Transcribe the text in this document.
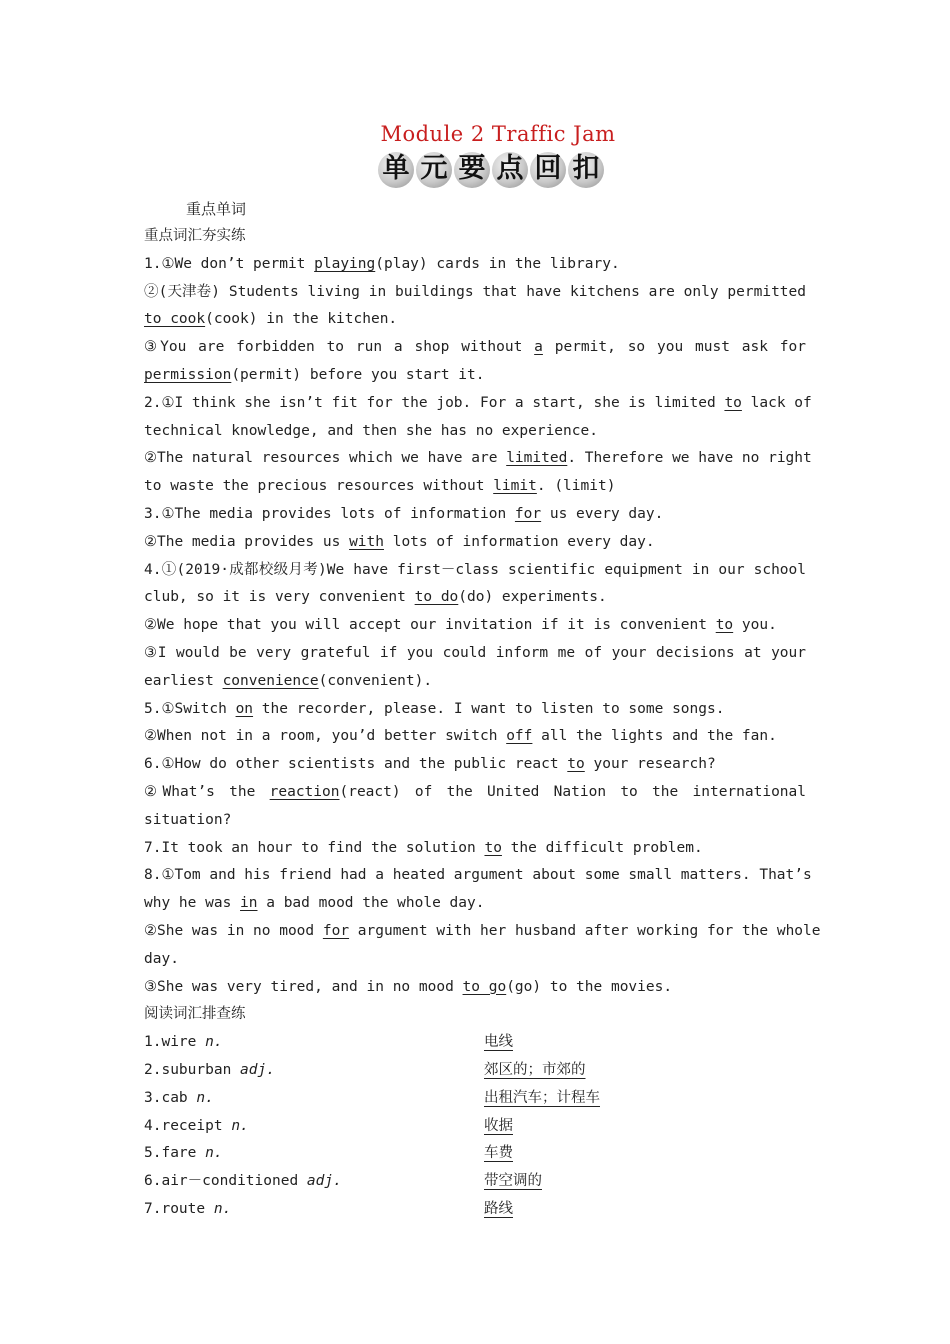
Module 2 Traffic Jam
单 元 要 点 回 扣
重点单词
重点词汇夯实练
1.①We don’t permit playing(play) cards in the library.
②(天津卷) Students living in buildings that have kitchens are only permitted
to cook(cook) in the kitchen.
③You are forbidden to run a shop without a permit, so you must ask for
permission(permit) before you start it.
2.①I think she isn’t fit for the job. For a start, she is limited to lack of
technical knowledge, and then she has no experience.
②The natural resources which we have are limited. Therefore we have no right
to waste the precious resources without limit. (limit)
3.①The media provides lots of information for us every day.
②The media provides us with lots of information every day.
4.①(2019·成都校级月考)We have first－class scientific equipment in our school
club, so it is very convenient to do(do) experiments.
②We hope that you will accept our invitation if it is convenient to you.
③I would be very grateful if you could inform me of your decisions at your
earliest convenience(convenient).
5.①Switch on the recorder, please. I want to listen to some songs.
②When not in a room, you’d better switch off all the lights and the fan.
6.①How do other scientists and the public react to your research?
②What’s the reaction(react) of the United Nation to the international
situation?
7.It took an hour to find the solution to the difficult problem.
8.①Tom and his friend had a heated argument about some small matters. That’s
why he was in a bad mood the whole day.
②She was in no mood for argument with her husband after working for the whole
day.
③She was very tired, and in no mood to go(go) to the movies.
阅读词汇排查练
1.wire n.	电线
2.suburban adj.	郊区的；市郊的
3.cab n.	出租汽车；计程车
4.receipt n.	收据
5.fare n.	车费
6.air－conditioned adj.	带空调的
7.route n.	路线
